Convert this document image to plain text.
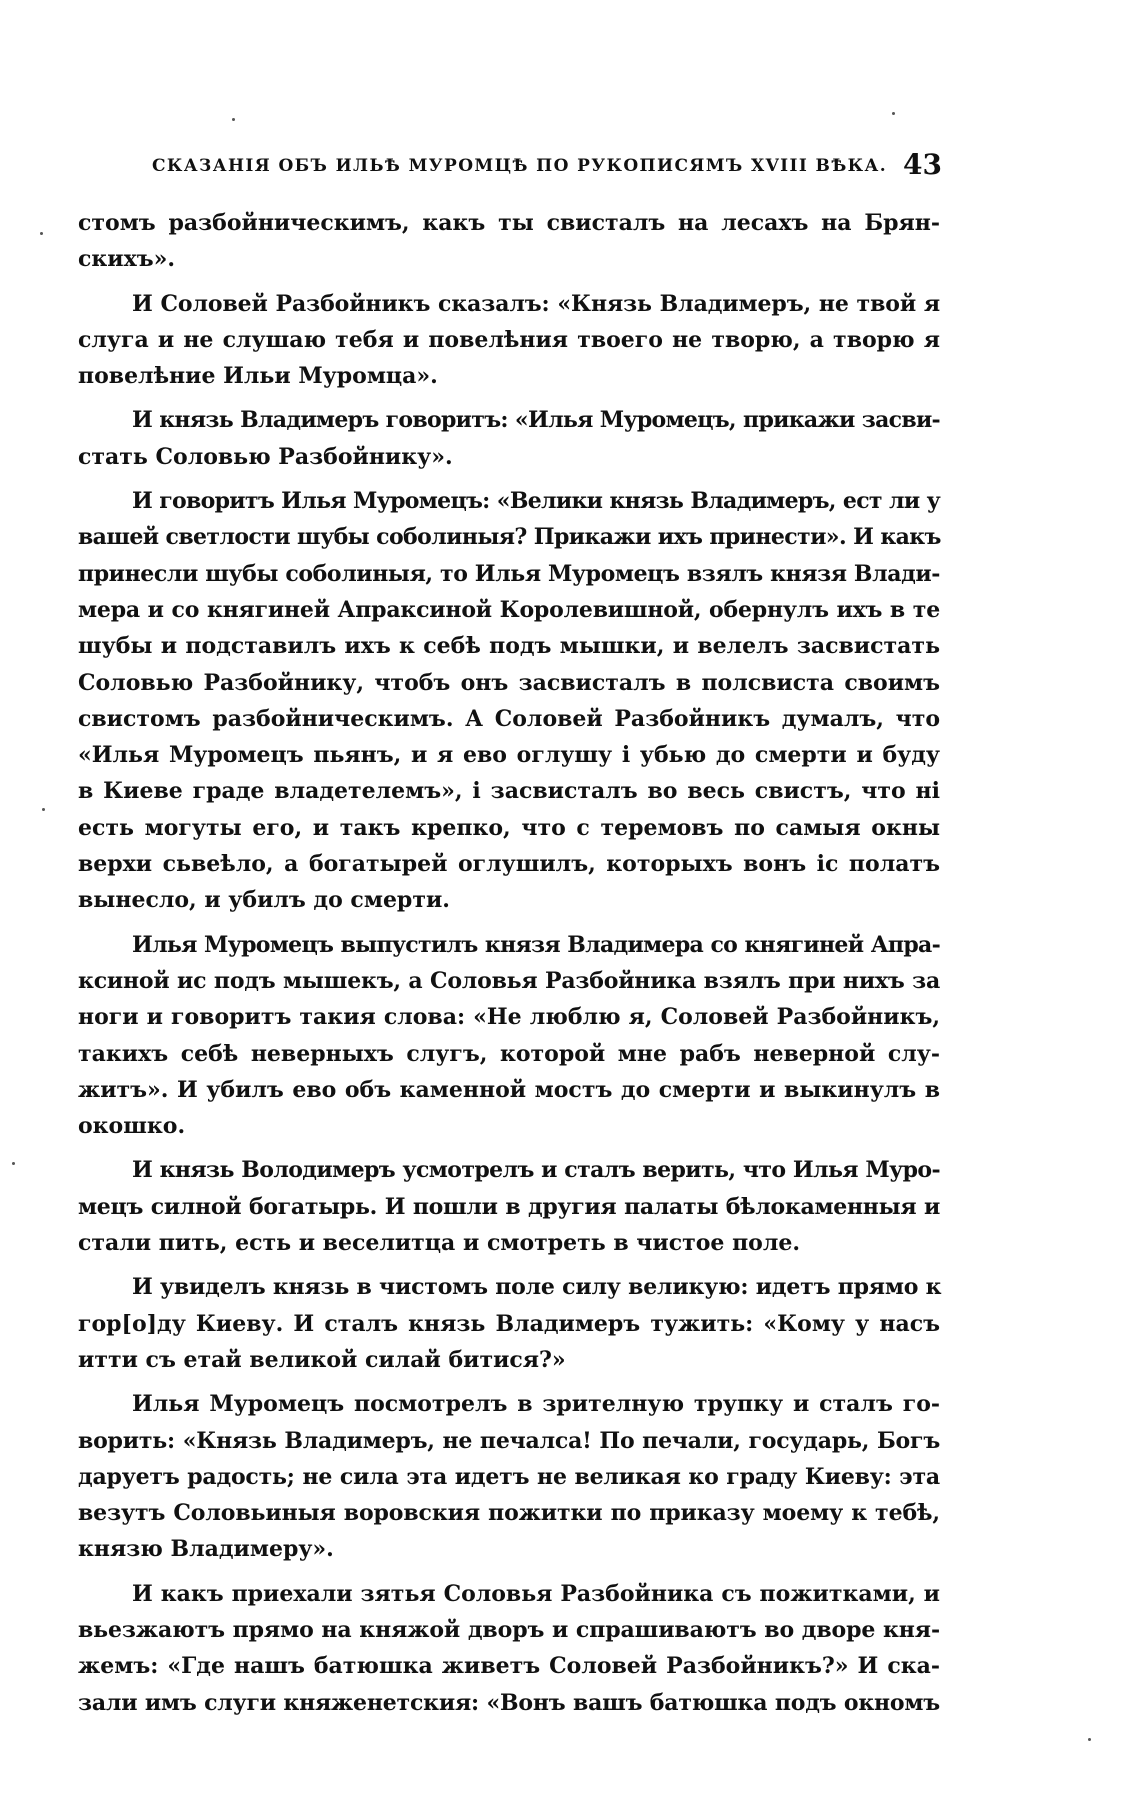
СКАЗАНІЯ ОБЪ ИЛЬѢ МУРОМЦѢ ПО РУКОПИСЯМЪ XVIII ВѢКА. 43
стомъ разбойническимъ, какъ ты свисталъ на лесахъ на Брян-
скихъ».
И Соловей Разбойникъ сказалъ: «Князь Владимеръ, не твой я
слуга и не слушаю тебя и повелѣния твоего не творю, а творю я
повелѣние Ильи Муромца».
И князь Владимеръ говоритъ: «Илья Муромецъ, прикажи засви-
стать Соловью Разбойнику».
И говоритъ Илья Муромецъ: «Велики князь Владимеръ, ест ли у
вашей светлости шубы соболиныя? Прикажи ихъ принести». И какъ
принесли шубы соболиныя, то Илья Муромецъ взялъ князя Влади-
мера и со княгиней Апраксиной Королевишной, обернулъ ихъ в те
шубы и подставилъ ихъ к себѣ подъ мышки, и велелъ засвистать
Соловью Разбойнику, чтобъ онъ засвисталъ в полсвиста своимъ
свистомъ разбойническимъ. А Соловей Разбойникъ думалъ, что
«Илья Муромецъ пьянъ, и я ево оглушу і убью до смерти и буду
в Киеве граде владетелемъ», і засвисталъ во весь свистъ, что ні
есть могуты его, и такъ крепко, что с теремовъ по самыя окны
верхи сьвеѣло, а богатырей оглушилъ, которыхъ вонъ іс полатъ
вынесло, и убилъ до смерти.
Илья Муромецъ выпустилъ князя Владимера со княгиней Апра-
ксиной ис подъ мышекъ, а Соловья Разбойника взялъ при нихъ за
ноги и говоритъ такия слова: «Не люблю я, Соловей Разбойникъ,
такихъ себѣ неверныхъ слугъ, которой мне рабъ неверной слу-
житъ». И убилъ ево объ каменной мостъ до смерти и выкинулъ в
окошко.
И князь Володимеръ усмотрелъ и сталъ верить, что Илья Муро-
мецъ силной богатырь. И пошли в другия палаты бѣлокаменныя и
стали пить, есть и веселитца и смотреть в чистое поле.
И увиделъ князь в чистомъ поле силу великую: идетъ прямо к
гор[о]ду Киеву. И сталъ князь Владимеръ тужить: «Кому у насъ
итти съ етай великой силай битися?»
Илья Муромецъ посмотрелъ в зрителную трупку и сталъ го-
ворить: «Князь Владимеръ, не печалса! По печали, государь, Богъ
даруетъ радость; не сила эта идетъ не великая ко граду Киеву: эта
везутъ Соловьиныя воровския пожитки по приказу моему к тебѣ,
князю Владимеру».
И какъ приехали зятья Соловья Разбойника съ пожитками, и
вьезжаютъ прямо на княжой дворъ и спрашиваютъ во дворе кня-
жемъ: «Где нашъ батюшка живетъ Соловей Разбойникъ?» И ска-
зали имъ слуги княженетския: «Вонъ вашъ батюшка подъ окномъ
